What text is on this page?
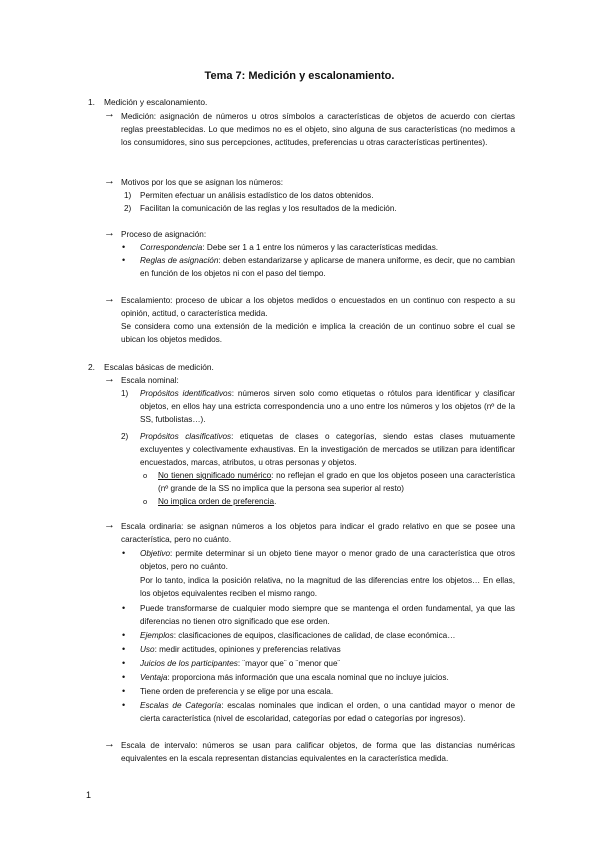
Tema 7: Medición y escalonamiento.
1. Medición y escalonamiento.
→ Medición: asignación de números u otros símbolos a características de objetos de acuerdo con ciertas reglas preestablecidas. Lo que medimos no es el objeto, sino alguna de sus características (no medimos a los consumidores, sino sus percepciones, actitudes, preferencias u otras características pertinentes).
→ Motivos por los que se asignan los números:
1) Permiten efectuar un análisis estadístico de los datos obtenidos.
2) Facilitan la comunicación de las reglas y los resultados de la medición.
→ Proceso de asignación:
• Correspondencia: Debe ser 1 a 1 entre los números y las características medidas.
• Reglas de asignación: deben estandarizarse y aplicarse de manera uniforme, es decir, que no cambian en función de los objetos ni con el paso del tiempo.
→ Escalamiento: proceso de ubicar a los objetos medidos o encuestados en un continuo con respecto a su opinión, actitud, o característica medida.
Se considera como una extensión de la medición e implica la creación de un continuo sobre el cual se ubican los objetos medidos.
2. Escalas básicas de medición.
→ Escala nominal:
1) Propósitos identificativos: números sirven solo como etiquetas o rótulos para identificar y clasificar objetos, en ellos hay una estricta correspondencia uno a uno entre los números y los objetos (nº de la SS, futbolistas…).
2) Propósitos clasificativos: etiquetas de clases o categorías, siendo estas clases mutuamente excluyentes y colectivamente exhaustivas. En la investigación de mercados se utilizan para identificar encuestados, marcas, atributos, u otras personas y objetos.
o No tienen significado numérico: no reflejan el grado en que los objetos poseen una característica (nº grande de la SS no implica que la persona sea superior al resto)
o No implica orden de preferencia.
→ Escala ordinaria: se asignan números a los objetos para indicar el grado relativo en que se posee una característica, pero no cuánto.
• Objetivo: permite determinar si un objeto tiene mayor o menor grado de una característica que otros objetos, pero no cuánto.
Por lo tanto, indica la posición relativa, no la magnitud de las diferencias entre los objetos… En ellas, los objetos equivalentes reciben el mismo rango.
• Puede transformarse de cualquier modo siempre que se mantenga el orden fundamental, ya que las diferencias no tienen otro significado que ese orden.
• Ejemplos: clasificaciones de equipos, clasificaciones de calidad, de clase económica…
• Uso: medir actitudes, opiniones y preferencias relativas
• Juicios de los participantes: ¨mayor que¨ o ¨menor que¨
• Ventaja: proporciona más información que una escala nominal que no incluye juicios.
• Tiene orden de preferencia y se elige por una escala.
• Escalas de Categoría: escalas nominales que indican el orden, o una cantidad mayor o menor de cierta característica (nivel de escolaridad, categorías por edad o categorías por ingresos).
→ Escala de intervalo: números se usan para calificar objetos, de forma que las distancias numéricas equivalentes en la escala representan distancias equivalentes en la característica medida.
1
